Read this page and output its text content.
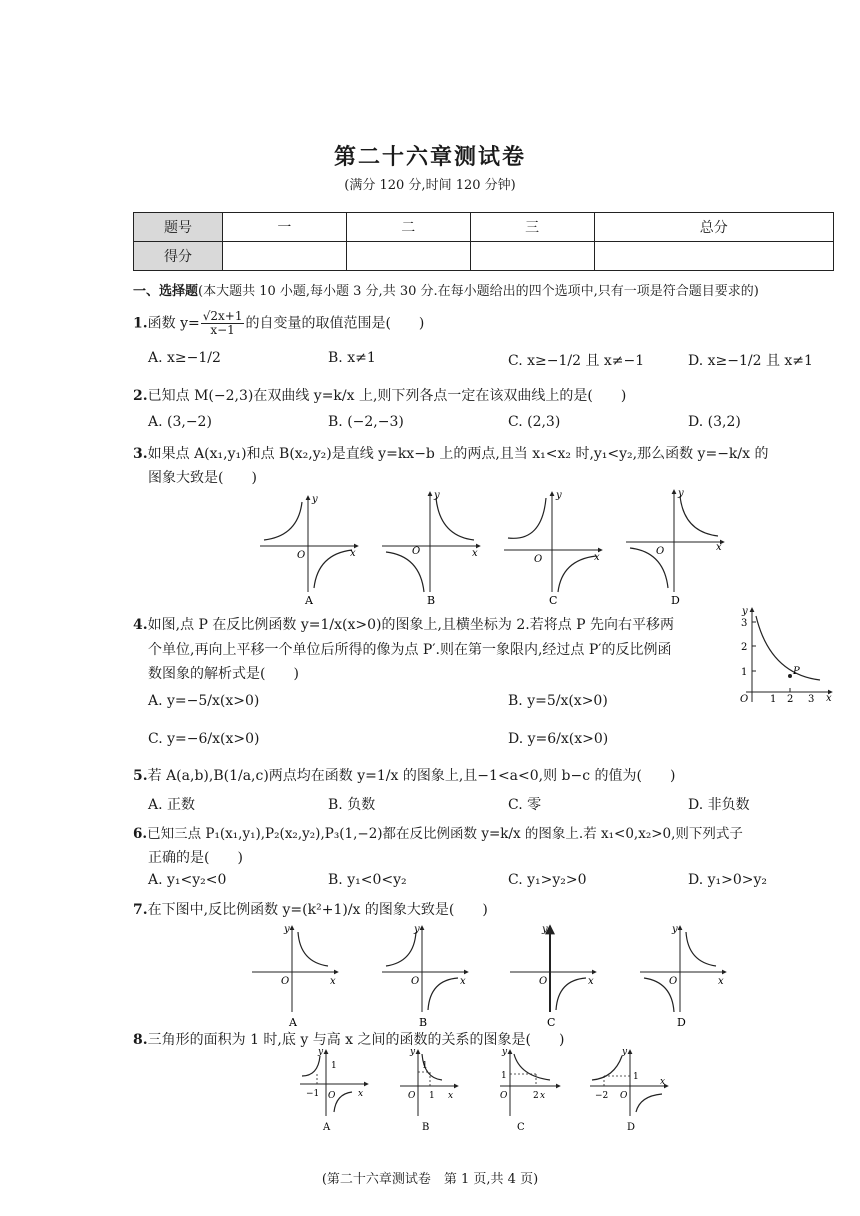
第二十六章测试卷
(满分 120 分,时间 120 分钟)
题号	一	二	三	总分
得分				
一、选择题(本大题共 10 小题,每小题 3 分,共 30 分.在每小题给出的四个选项中,只有一项是符合题目要求的)
1.函数 $y= \frac{√2x+1}{x-1}$ 的自变量的取值范围是(　　)
A. x≥−1/2	B. x≠1	C. x≥−1/2 且 x≠−1	D. x≥−1/2 且 x≠1
2.已知点 M(−2,3)在双曲线 y=k/x 上,则下列各点一定在该双曲线上的是(　　)
A. (3,−2)	B. (−2,−3)	C. (2,3)	D. (3,2)
3.如果点 A(x₁,y₁)和点 B(x₂,y₂)是直线 y=kx−b 上的两点,且当 x₁<x₂ 时,y₁<y₂,那么函数 y=−k/x 的
图象大致是(　　)
O	x
y
A
O	x
y
B
O	x
y
C
O	x
y
D
4.如图,点 P 在反比例函数 y=1/x(x>0)的图象上,且横坐标为 2.若将点 P 先向右平移两
个单位,再向上平移一个单位后所得的像为点 P′.则在第一象限内,经过点 P′的反比例函
数图象的解析式是(　　)
A. y=−5/x(x>0)	B. y=5/x(x>0)
C. y=−6/x(x>0)	D. y=6/x(x>0)
P
O 1 2 3
1
2
3
x
y
5.若 A(a,b),B(1/a,c)两点均在函数 y=1/x 的图象上,且−1<a<0,则 b−c 的值为(　　)
A. 正数	B. 负数	C. 零	D. 非负数
6.已知三点 P₁(x₁,y₁),P₂(x₂,y₂),P₃(1,−2)都在反比例函数 y=k/x 的图象上.若 x₁<0,x₂>0,则下列式子
正确的是(　　)
A. y₁<y₂<0	B. y₁<0<y₂	C. y₁>y₂>0	D. y₁>0>y₂
7.在下图中,反比例函数 y=(k²+1)/x 的图象大致是(　　)
O	x
y
A
O	x
y
B
O	x
y
C
O	x
y
D
8.三角形的面积为 1 时,底 y 与高 x 之间的函数的关系的图象是(　　)
1
−1 O	x
y
A
1
O 1 x
y
B
1
O	2 x
y
C
1
−2 O
x
y
D
(第二十六章测试卷　第 1 页,共 4 页)
